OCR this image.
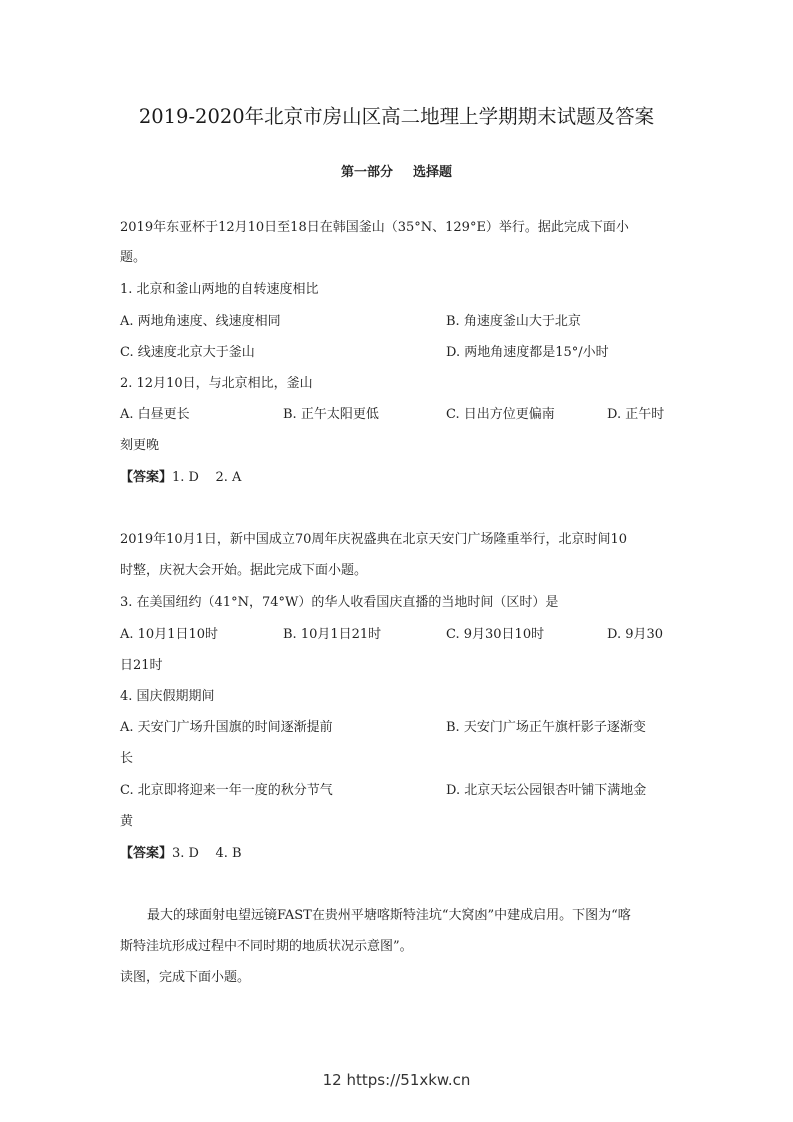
2019-2020年北京市房山区高二地理上学期期末试题及答案
第一部分 选择题
2019年东亚杯于12月10日至18日在韩国釜山（35°N、129°E）举行。据此完成下面小
题。
1. 北京和釜山两地的自转速度相比
A. 两地角速度、线速度相同	B. 角速度釜山大于北京
C. 线速度北京大于釜山	D. 两地角速度都是15°/小时
2. 12月10日，与北京相比，釜山
A. 白昼更长	B. 正午太阳更低	C. 日出方位更偏南	D. 正午时
刻更晚
【答案】1. D    2. A
2019年10月1日，新中国成立70周年庆祝盛典在北京天安门广场隆重举行，北京时间10
时整，庆祝大会开始。据此完成下面小题。
3. 在美国纽约（41°N，74°W）的华人收看国庆直播的当地时间（区时）是
A. 10月1日10时	B. 10月1日21时	C. 9月30日10时	D. 9月30
日21时
4. 国庆假期期间
A. 天安门广场升国旗的时间逐渐提前	B. 天安门广场正午旗杆影子逐渐变
长
C. 北京即将迎来一年一度的秋分节气	D. 北京天坛公园银杏叶铺下满地金
黄
【答案】3. D    4. B
最大的球面射电望远镜FAST在贵州平塘喀斯特洼坑“大窝凼”中建成启用。下图为“喀
斯特洼坑形成过程中不同时期的地质状况示意图”。
读图，完成下面小题。
12 https://51xkw.cn
